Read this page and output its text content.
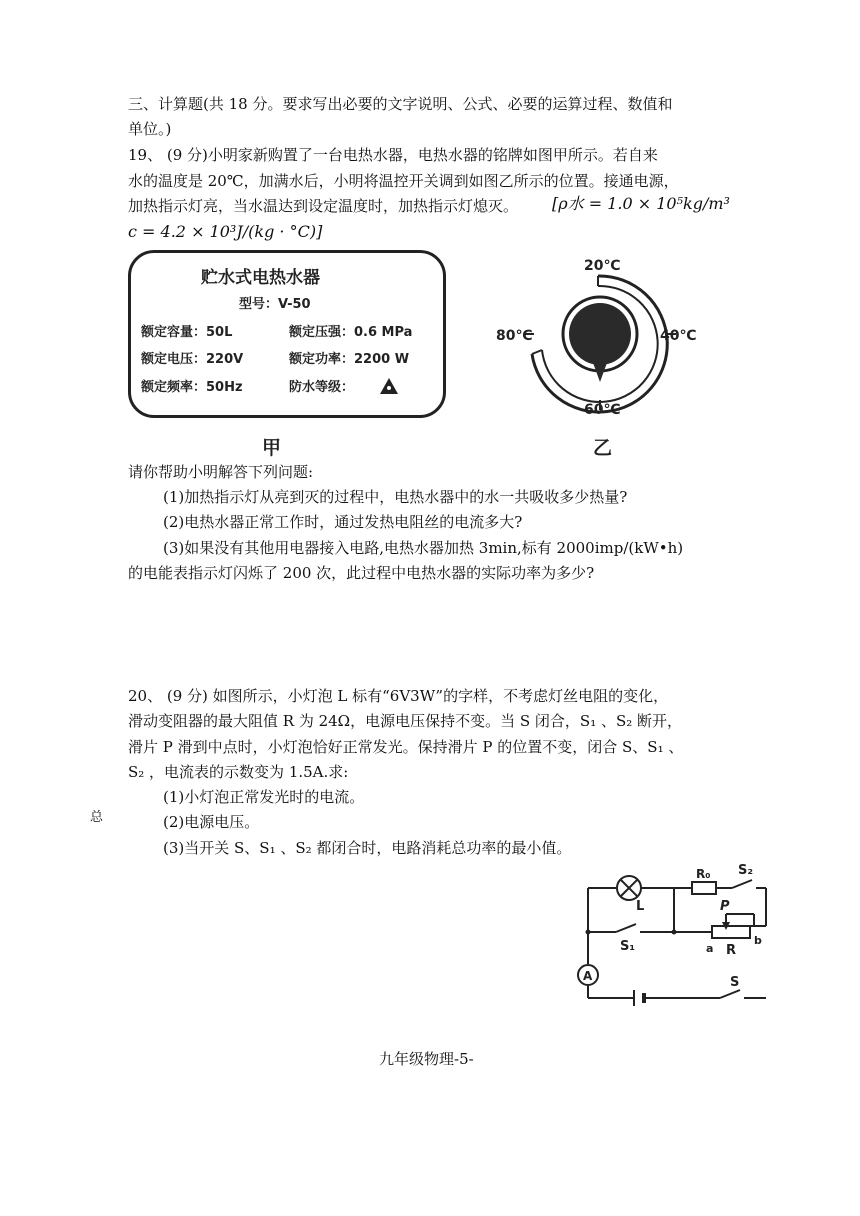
三、计算题(共 18 分。要求写出必要的文字说明、公式、必要的运算过程、数值和
单位。)
19、 (9 分)小明家新购置了一台电热水器，电热水器的铭牌如图甲所示。若自来
水的温度是 20℃，加满水后，小明将温控开关调到如图乙所示的位置。接通电源，
加热指示灯亮，当水温达到设定温度时，加热指示灯熄灭。 [ρ水 = 1.0 × 10⁵kg/m³
c = 4.2 × 10³J/(kg · °C)]
贮水式电热水器
型号：V-50
额定容量：50L	额定压强：0.6 MPa
额定电压：220V	额定功率：2200 W
额定频率：50Hz	防水等级：
甲
20℃
40℃
60℃
80℃
乙
请你帮助小明解答下列问题:
(1)加热指示灯从亮到灭的过程中，电热水器中的水一共吸收多少热量?
(2)电热水器正常工作时，通过发热电阻丝的电流多大?
(3)如果没有其他用电器接入电路,电热水器加热 3min,标有 2000imp/(kW•h)
的电能表指示灯闪烁了 200 次，此过程中电热水器的实际功率为多少?
20、 (9 分) 如图所示，小灯泡 L 标有“6V3W”的字样，不考虑灯丝电阻的变化，
滑动变阻器的最大阻值 R 为 24Ω，电源电压保持不变。当 S 闭合，S₁ 、S₂ 断开，
滑片 P 滑到中点时，小灯泡恰好正常发光。保持滑片 P 的位置不变，闭合 S、S₁ 、
S₂ ，电流表的示数变为 1.5A.求:
(1)小灯泡正常发光时的电流。
总	(2)电源电压。
(3)当开关 S、S₁ 、S₂ 都闭合时，电路消耗总功率的最小值。
L
R₀ S₂
P
S₁	a R
b
A	S
九年级物理-5-
